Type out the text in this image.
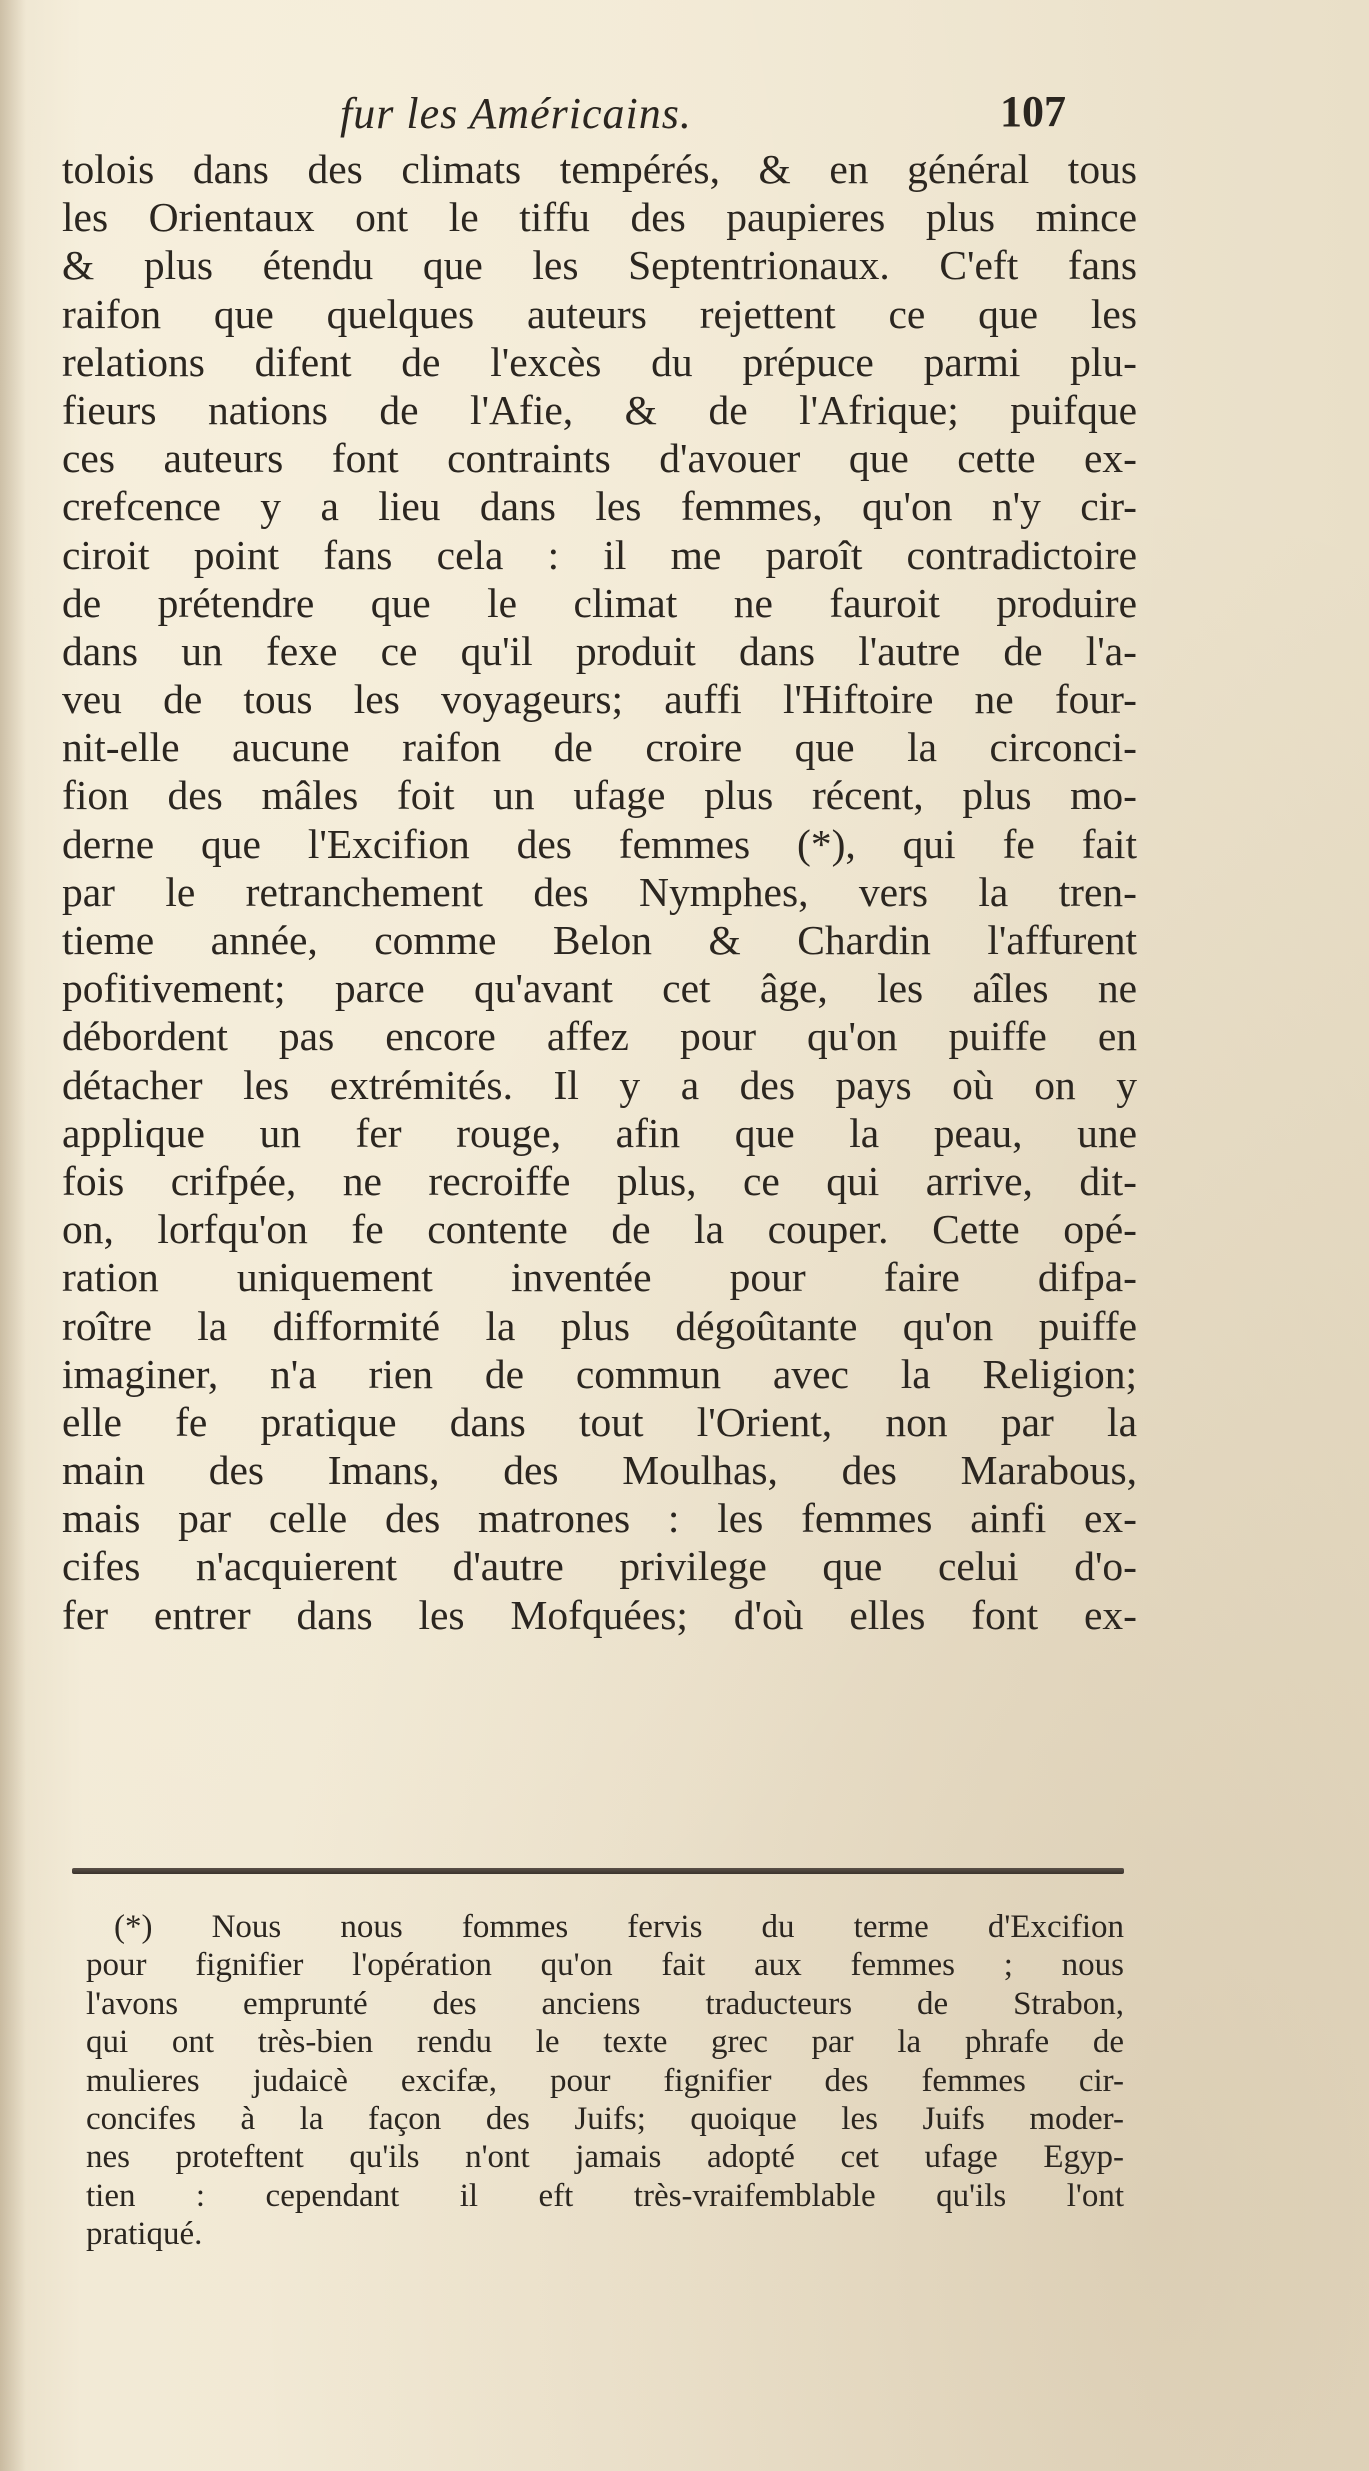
fur les Américains.	107
tolois dans des climats tempérés, & en général tous
les Orientaux ont le tiffu des paupieres plus mince
& plus étendu que les Septentrionaux. C'eft fans
raifon que quelques auteurs rejettent ce que les
relations difent de l'excès du prépuce parmi plu-
fieurs nations de l'Afie, & de l'Afrique; puifque
ces auteurs font contraints d'avouer que cette ex-
crefcence y a lieu dans les femmes, qu'on n'y cir-
ciroit point fans cela : il me paroît contradictoire
de prétendre que le climat ne fauroit produire
dans un fexe ce qu'il produit dans l'autre de l'a-
veu de tous les voyageurs; auffi l'Hiftoire ne four-
nit-elle aucune raifon de croire que la circonci-
fion des mâles foit un ufage plus récent, plus mo-
derne que l'Excifion des femmes (*), qui fe fait
par le retranchement des Nymphes, vers la tren-
tieme année, comme Belon & Chardin l'affurent
pofitivement; parce qu'avant cet âge, les aîles ne
débordent pas encore affez pour qu'on puiffe en
détacher les extrémités. Il y a des pays où on y
applique un fer rouge, afin que la peau, une
fois crifpée, ne recroiffe plus, ce qui arrive, dit-
on, lorfqu'on fe contente de la couper. Cette opé-
ration uniquement inventée pour faire difpa-
roître la difformité la plus dégoûtante qu'on puiffe
imaginer, n'a rien de commun avec la Religion;
elle fe pratique dans tout l'Orient, non par la
main des Imans, des Moulhas, des Marabous,
mais par celle des matrones : les femmes ainfi ex-
cifes n'acquierent d'autre privilege que celui d'o-
fer entrer dans les Mofquées; d'où elles font ex-
(*) Nous nous fommes fervis du terme d'Excifion
pour fignifier l'opération qu'on fait aux femmes ; nous
l'avons emprunté des anciens traducteurs de Strabon,
qui ont très-bien rendu le texte grec par la phrafe de
mulieres judaicè excifæ, pour fignifier des femmes cir-
concifes à la façon des Juifs; quoique les Juifs moder-
nes proteftent qu'ils n'ont jamais adopté cet ufage Egyp-
tien : cependant il eft très-vraifemblable qu'ils l'ont
pratiqué.
